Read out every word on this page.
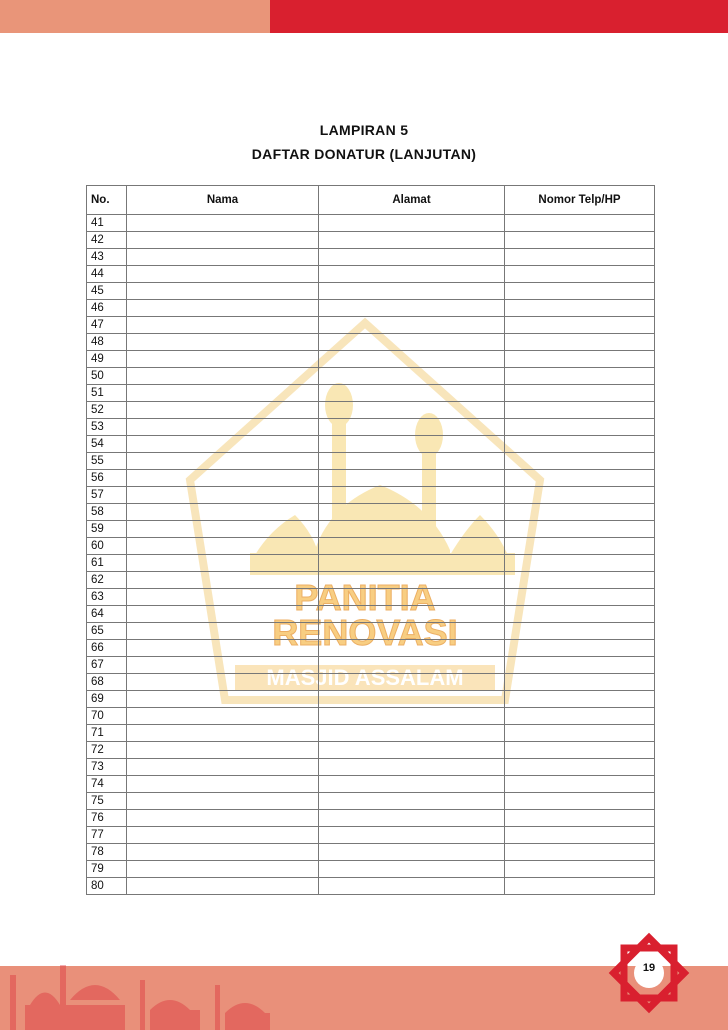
LAMPIRAN 5
DAFTAR DONATUR (LANJUTAN)
PANITIA
RENOVASI
MASJID ASSALAM
No.	Nama	Alamat	Nomor Telp/HP
41			
42			
43			
44			
45			
46			
47			
48			
49			
50			
51			
52			
53			
54			
55			
56			
57			
58			
59			
60			
61			
62			
63			
64			
65			
66			
67			
68			
69			
70			
71			
72			
73			
74			
75			
76			
77			
78			
79			
80			
19
